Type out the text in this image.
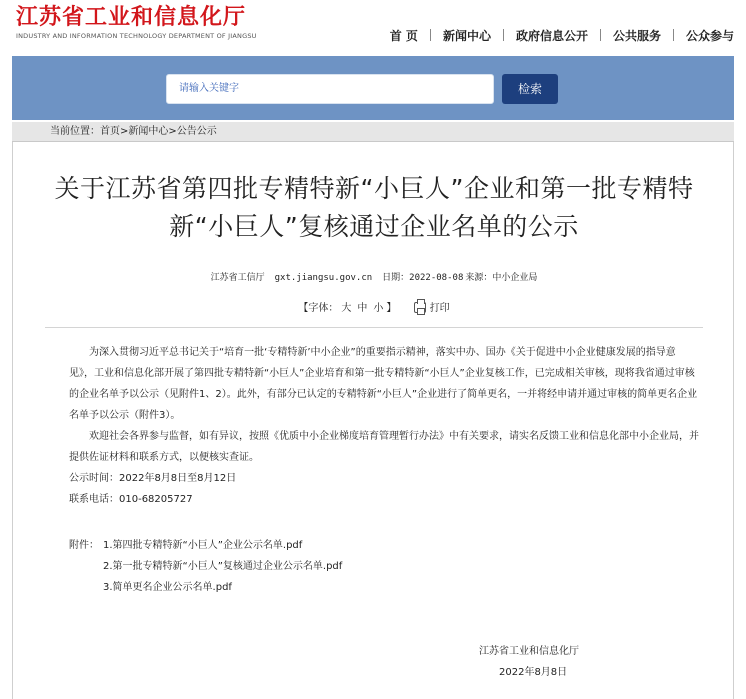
江苏省工业和信息化厅
INDUSTRY AND INFORMATION TECHNOLOGY DEPARTMENT OF JIANGSU	首 页	新闻中心	政府信息公开	公共服务	公众参与
请输入关键字	检索
当前位置：首页>新闻中心>公告公示
关于江苏省第四批专精特新“小巨人”企业和第一批专精特新“小巨人”复核通过企业名单的公示
江苏省工信厅 gxt.jiangsu.gov.cn 日期：2022-08-08 来源：中小企业局
【字体： 大 中 小 】	打印

为深入贯彻习近平总书记关于“培育一批‘专精特新’中小企业”的重要指示精神，落实中办、国办《关于促进中小企业健康发展的指导意见》，工业和信息化部开展了第四批专精特新“小巨人”企业培育和第一批专精特新“小巨人”企业复核工作，已完成相关审核，现将我省通过审核的企业名单予以公示（见附件1、2）。此外，有部分已认定的专精特新“小巨人”企业进行了简单更名，一并将经申请并通过审核的简单更名企业名单予以公示（附件3）。

欢迎社会各界参与监督，如有异议，按照《优质中小企业梯度培育管理暂行办法》中有关要求，请实名反馈工业和信息化部中小企业局，并提供佐证材料和联系方式，以便核实查证。

公示时间：2022年8月8日至8月12日
联系电话：010-68205727
附件： 1.第四批专精特新“小巨人”企业公示名单.pdf
2.第一批专精特新“小巨人”复核通过企业公示名单.pdf
3.简单更名企业公示名单.pdf
江苏省工业和信息化厅
2022年8月8日
